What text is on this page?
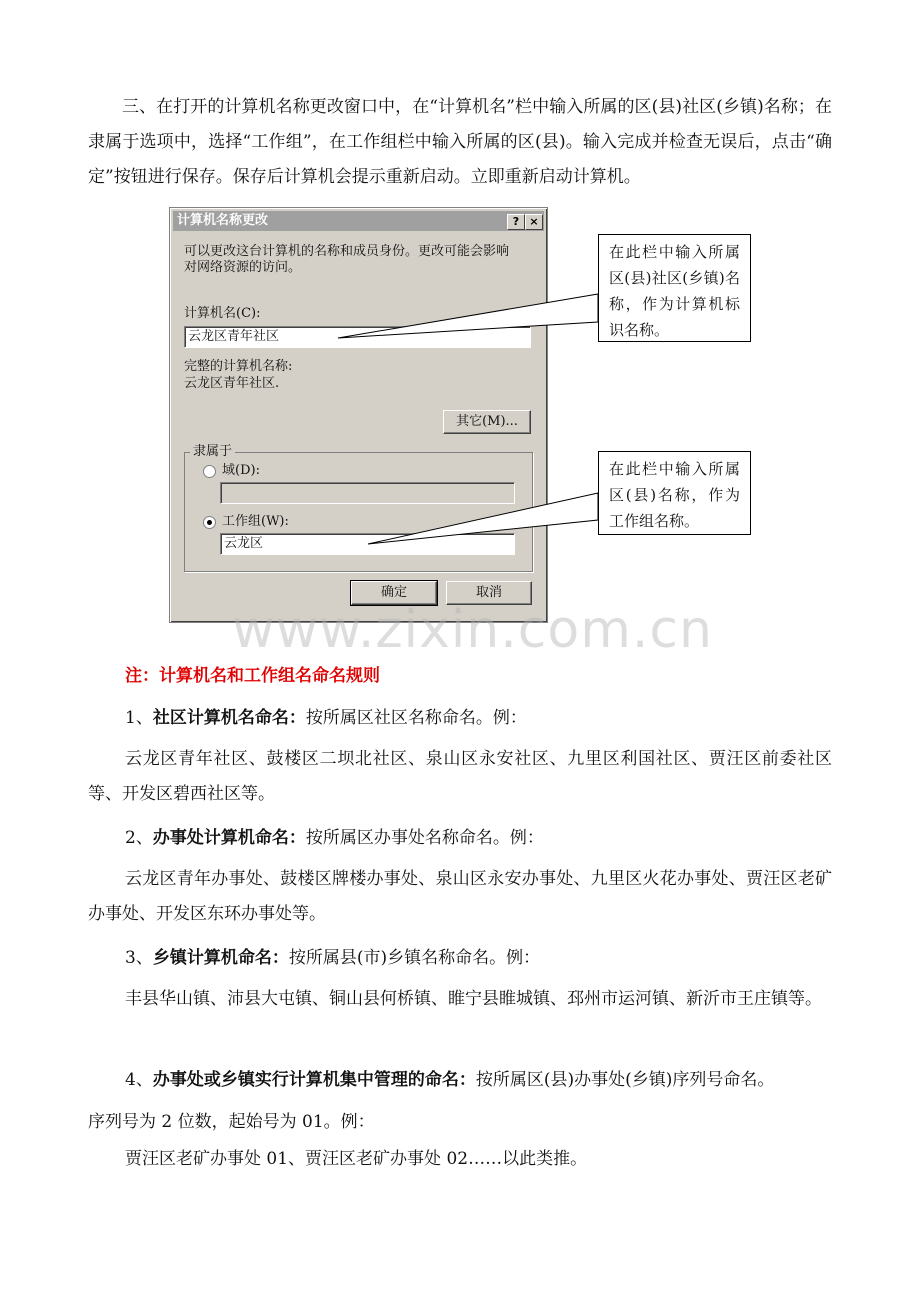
三、在打开的计算机名称更改窗口中，在“计算机名”栏中输入所属的区(县)社区(乡镇)名称；在隶属于选项中，选择“工作组”，在工作组栏中输入所属的区(县)。输入完成并检查无误后，点击“确定”按钮进行保存。保存后计算机会提示重新启动。立即重新启动计算机。
计算机名称更改	? ×
可以更改这台计算机的名称和成员身份。更改可能会影响
对网络资源的访问。
计算机名(C):
云龙区青年社区
完整的计算机名称:
云龙区青年社区.
其它(M)...
隶属于
域(D):
工作组(W):
云龙区
确定	取消
在此栏中输入所属区(县)社区(乡镇)名称，作为计算机标识名称。
在此栏中输入所属区(县)名称，作为工作组名称。
www.zixin.com.cn
注：计算机名和工作组名命名规则
1、社区计算机名命名：按所属区社区名称命名。例：
云龙区青年社区、鼓楼区二坝北社区、泉山区永安社区、九里区利国社区、贾汪区前委社区等、开发区碧西社区等。
2、办事处计算机命名：按所属区办事处名称命名。例：
云龙区青年办事处、鼓楼区牌楼办事处、泉山区永安办事处、九里区火花办事处、贾汪区老矿办事处、开发区东环办事处等。
3、乡镇计算机命名：按所属县(市)乡镇名称命名。例：
丰县华山镇、沛县大屯镇、铜山县何桥镇、睢宁县睢城镇、邳州市运河镇、新沂市王庄镇等。
4、办事处或乡镇实行计算机集中管理的命名：按所属区(县)办事处(乡镇)序列号命名。
序列号为 2 位数，起始号为 01。例：
贾汪区老矿办事处 01、贾汪区老矿办事处 02……以此类推。
